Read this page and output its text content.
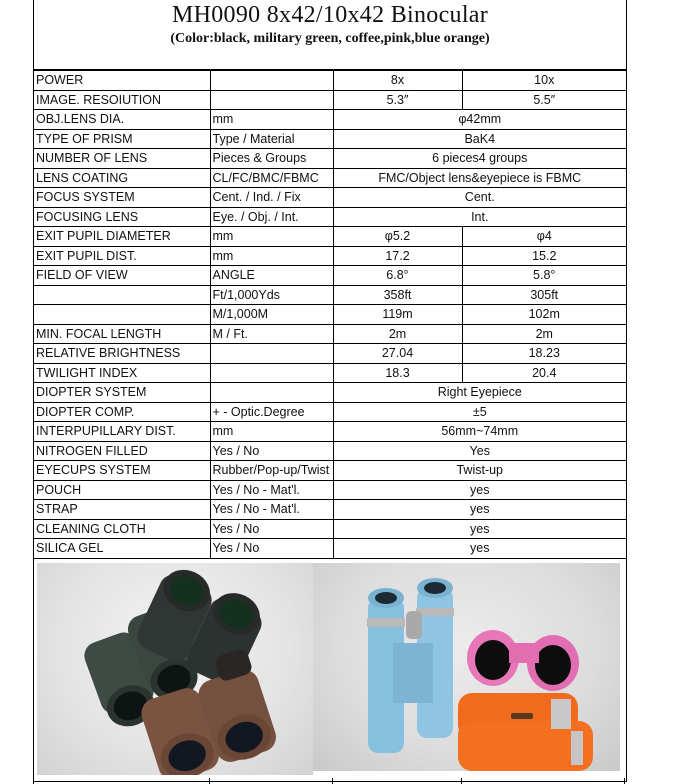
MH0090 8x42/10x42 Binocular
(Color:black, military green, coffee,pink,blue orange)
POWER		8x	10x
IMAGE. RESOIUTION		5.3″	5.5″
OBJ.LENS DIA.	mm	φ42mm	
TYPE OF PRISM	Type / Material	BaK4	
NUMBER OF LENS	Pieces & Groups	6 pieces4 groups	
LENS COATING	CL/FC/BMC/FBMC	FMC/Object lens&eyepiece is FBMC	
FOCUS SYSTEM	Cent. / Ind. / Fix	Cent.	
FOCUSING LENS	Eye. / Obj. / Int.	Int.	
EXIT PUPIL DIAMETER	mm	φ5.2	φ4
EXIT PUPIL DIST.	mm	17.2	15.2
FIELD OF VIEW	ANGLE	6.8°	5.8°
	Ft/1,000Yds	358ft	305ft
	M/1,000M	119m	102m
MIN. FOCAL LENGTH	M / Ft.	2m	2m
RELATIVE BRIGHTNESS		27.04	18.23
TWILIGHT INDEX		18.3	20.4
DIOPTER SYSTEM		Right Eyepiece	
DIOPTER COMP.	+ - Optic.Degree	±5	
INTERPUPILLARY DIST.	mm	56mm~74mm	
NITROGEN FILLED	Yes / No	Yes	
EYECUPS SYSTEM	Rubber/Pop-up/Twist	Twist-up	
POUCH	Yes / No - Mat'l.	yes	
STRAP	Yes / No - Mat'l.	yes	
CLEANING CLOTH	Yes / No	yes	
SILICA GEL	Yes / No	yes	
